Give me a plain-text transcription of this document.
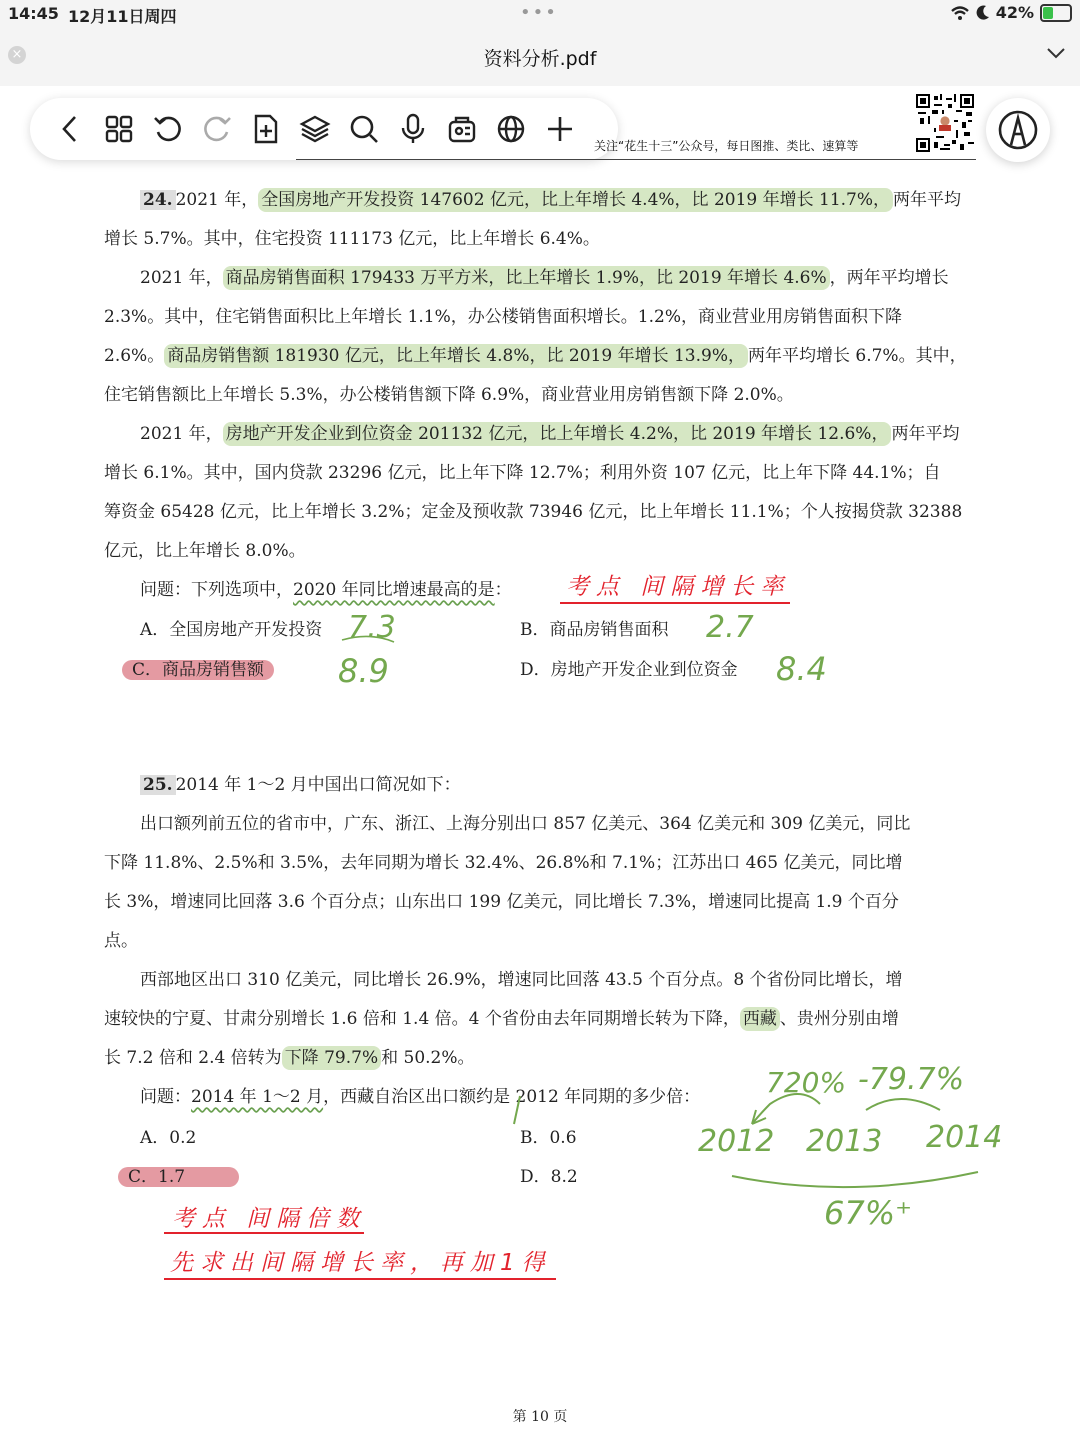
14:45 12月11日周四	•••	42%
×	资料分析.pdf
关注“花生十三”公众号，每日图推、类比、速算等
24. 2021 年， 全国房地产开发投资 147602 亿元，比上年增长 4.4%，比 2019 年增长 11.7%， 两年平均
增长 5.7%。其中，住宅投资 111173 亿元，比上年增长 6.4%。
2021 年， 商品房销售面积 179433 万平方米，比上年增长 1.9%，比 2019 年增长 4.6% ，两年平均增长
2.3%。其中，住宅销售面积比上年增长 1.1%，办公楼销售面积增长。1.2%，商业营业用房销售面积下降
2.6%。 商品房销售额 181930 亿元，比上年增长 4.8%，比 2019 年增长 13.9%， 两年平均增长 6.7%。其中，
住宅销售额比上年增长 5.3%，办公楼销售额下降 6.9%，商业营业用房销售额下降 2.0%。
2021 年， 房地产开发企业到位资金 201132 亿元，比上年增长 4.2%，比 2019 年增长 12.6%， 两年平均
增长 6.1%。其中，国内贷款 23296 亿元，比上年下降 12.7%；利用外资 107 亿元，比上年下降 44.1%；自
筹资金 65428 亿元，比上年增长 3.2%；定金及预收款 73946 亿元，比上年增长 11.1%；个人按揭贷款 32388
亿元，比上年增长 8.0%。
问题：下列选项中，2020 年同比增速最高的是：	考点 间隔增长率
A．全国房地产开发投资	B．商品房销售面积
C．商品房销售额	D．房地产开发企业到位资金
7.3	2.7
8.9	8.4
25. 2014 年 1～2 月中国出口简况如下：
出口额列前五位的省市中，广东、浙江、上海分别出口 857 亿美元、364 亿美元和 309 亿美元，同比
下降 11.8%、2.5%和 3.5%，去年同期为增长 32.4%、26.8%和 7.1%；江苏出口 465 亿美元，同比增
长 3%，增速同比回落 3.6 个百分点；山东出口 199 亿美元，同比增长 7.3%，增速同比提高 1.9 个百分
点。
西部地区出口 310 亿美元，同比增长 26.9%，增速同比回落 43.5 个百分点。8 个省份同比增长，增
速较快的宁夏、甘肃分别增长 1.6 倍和 1.4 倍。4 个省份由去年同期增长转为下降， 西藏 、贵州分别由增
长 7.2 倍和 2.4 倍转为 下降 79.7% 和 50.2%。
问题：2014 年 1～2 月，西藏自治区出口额约是 2012 年同期的多少倍：
A．0.2	B．0.6
C．1.7	D．8.2
720% -79.7%
2012 2013 2014
67%⁺
考点 间隔倍数
先求出间隔增长率，再加1得
第 10 页
